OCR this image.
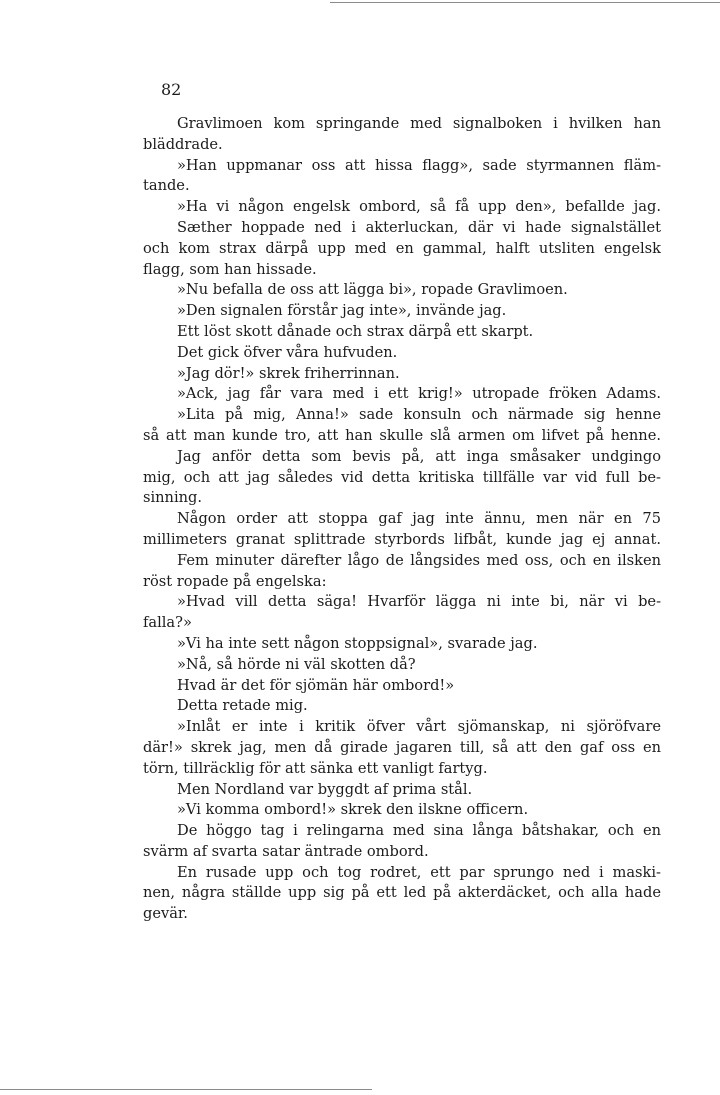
82
Gravlimoen kom springande med signalboken i hvilken han
bläddrade.
»Han uppmanar oss att hissa flagg», sade styrmannen fläm-
tande.
»Ha vi någon engelsk ombord, så få upp den», befallde jag.
Sæther hoppade ned i akterluckan, där vi hade signalstället
och kom strax därpå upp med en gammal, halft utsliten engelsk
flagg, som han hissade.
»Nu befalla de oss att lägga bi», ropade Gravlimoen.
»Den signalen förstår jag inte», invände jag.
Ett löst skott dånade och strax därpå ett skarpt.
Det gick öfver våra hufvuden.
»Jag dör!» skrek friherrinnan.
»Ack, jag får vara med i ett krig!» utropade fröken Adams.
»Lita på mig, Anna!» sade konsuln och närmade sig henne
så att man kunde tro, att han skulle slå armen om lifvet på henne.
Jag anför detta som bevis på, att inga småsaker undgingo
mig, och att jag således vid detta kritiska tillfälle var vid full be-
sinning.
Någon order att stoppa gaf jag inte ännu, men när en 75
millimeters granat splittrade styrbords lifbåt, kunde jag ej annat.
Fem minuter därefter lågo de långsides med oss, och en ilsken
röst ropade på engelska:
»Hvad vill detta säga! Hvarför lägga ni inte bi, när vi be-
falla?»
»Vi ha inte sett någon stoppsignal», svarade jag.
»Nå, så hörde ni väl skotten då?
Hvad är det för sjömän här ombord!»
Detta retade mig.
»Inlåt er inte i kritik öfver vårt sjömanskap, ni sjöröfvare
där!» skrek jag, men då girade jagaren till, så att den gaf oss en
törn, tillräcklig för att sänka ett vanligt fartyg.
Men Nordland var byggdt af prima stål.
»Vi komma ombord!» skrek den ilskne officern.
De höggo tag i relingarna med sina långa båtshakar, och en
svärm af svarta satar äntrade ombord.
En rusade upp och tog rodret, ett par sprungo ned i maski-
nen, några ställde upp sig på ett led på akterdäcket, och alla hade
gevär.
